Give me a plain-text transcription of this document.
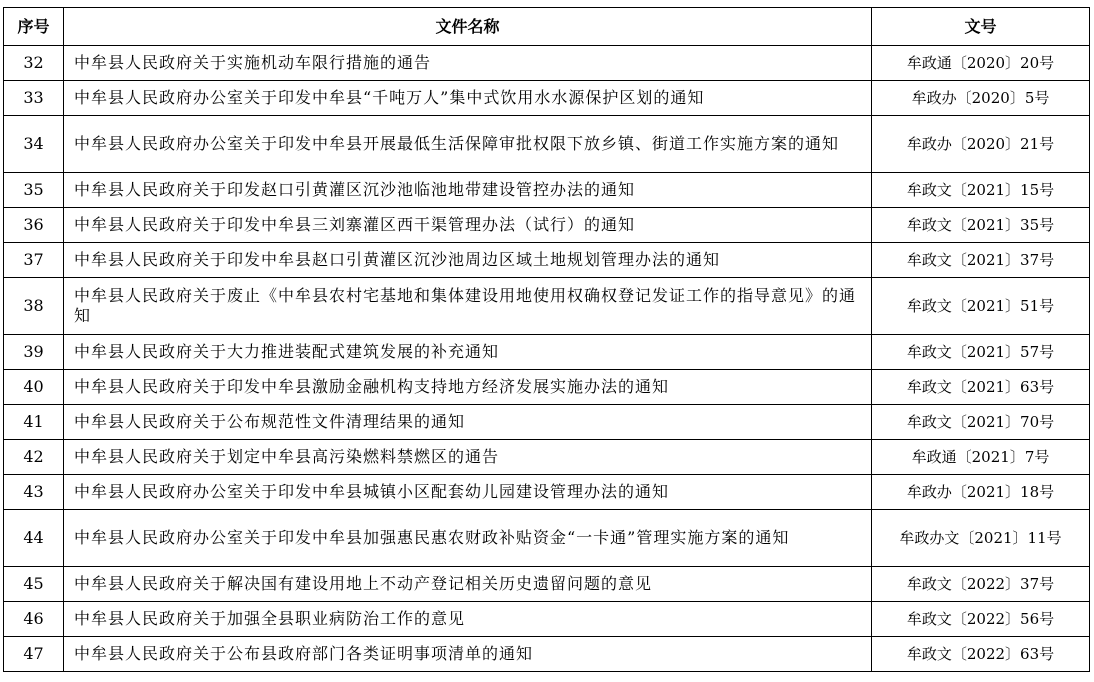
序号	文件名称	文号
32	中牟县人民政府关于实施机动车限行措施的通告	牟政通〔2020〕20号
33	中牟县人民政府办公室关于印发中牟县“千吨万人”集中式饮用水水源保护区划的通知	牟政办〔2020〕5号
34	中牟县人民政府办公室关于印发中牟县开展最低生活保障审批权限下放乡镇、街道工作实施方案的通知	牟政办〔2020〕21号
35	中牟县人民政府关于印发赵口引黄灌区沉沙池临池地带建设管控办法的通知	牟政文〔2021〕15号
36	中牟县人民政府关于印发中牟县三刘寨灌区西干渠管理办法（试行）的通知	牟政文〔2021〕35号
37	中牟县人民政府关于印发中牟县赵口引黄灌区沉沙池周边区域土地规划管理办法的通知	牟政文〔2021〕37号
38	中牟县人民政府关于废止《中牟县农村宅基地和集体建设用地使用权确权登记发证工作的指导意见》的通知	牟政文〔2021〕51号
39	中牟县人民政府关于大力推进装配式建筑发展的补充通知	牟政文〔2021〕57号
40	中牟县人民政府关于印发中牟县激励金融机构支持地方经济发展实施办法的通知	牟政文〔2021〕63号
41	中牟县人民政府关于公布规范性文件清理结果的通知	牟政文〔2021〕70号
42	中牟县人民政府关于划定中牟县高污染燃料禁燃区的通告	牟政通〔2021〕7号
43	中牟县人民政府办公室关于印发中牟县城镇小区配套幼儿园建设管理办法的通知	牟政办〔2021〕18号
44	中牟县人民政府办公室关于印发中牟县加强惠民惠农财政补贴资金“一卡通”管理实施方案的通知	牟政办文〔2021〕11号
45	中牟县人民政府关于解决国有建设用地上不动产登记相关历史遗留问题的意见	牟政文〔2022〕37号
46	中牟县人民政府关于加强全县职业病防治工作的意见	牟政文〔2022〕56号
47	中牟县人民政府关于公布县政府部门各类证明事项清单的通知	牟政文〔2022〕63号
